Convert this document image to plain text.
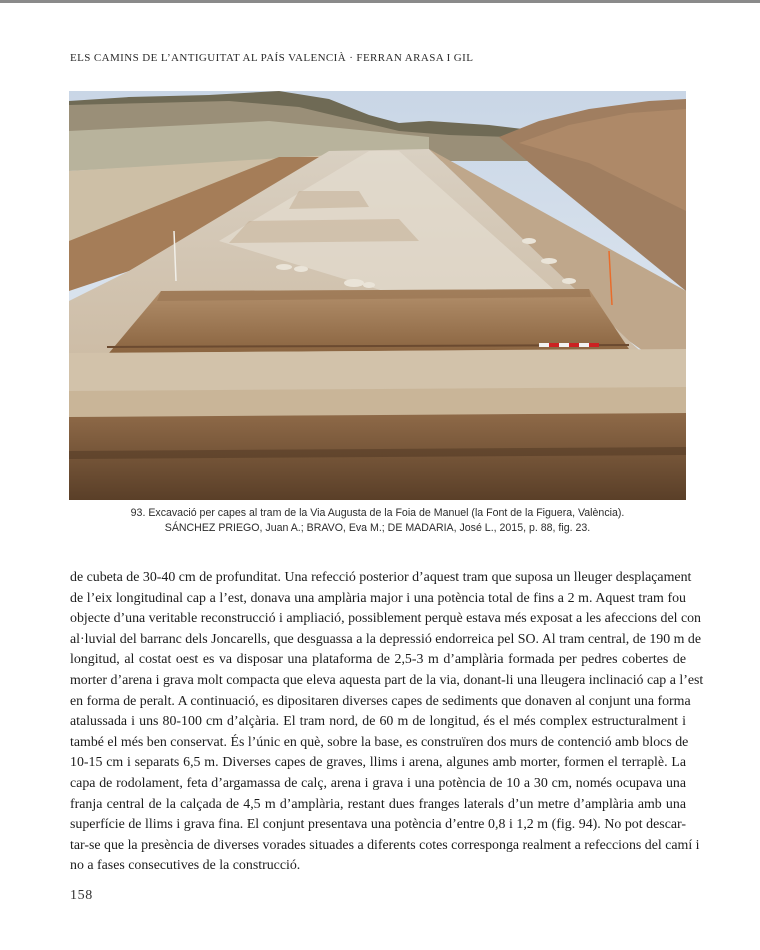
ELS CAMINS DE L’ANTIGUITAT AL PAÍS VALENCIÀ · FERRAN ARASA I GIL
93. Excavació per capes al tram de la Via Augusta de la Foia de Manuel (la Font de la Figuera, València).
SÁNCHEZ PRIEGO, Juan A.; BRAVO, Eva M.; DE MADARIA, José L., 2015, p. 88, fig. 23.
de cubeta de 30-40 cm de profunditat. Una refecció posterior d’aquest tram que suposa un lleuger desplaçament
de l’eix longitudinal cap a l’est, donava una amplària major i una potència total de fins a 2 m. Aquest tram fou
objecte d’una veritable reconstrucció i ampliació, possiblement perquè estava més exposat a les afeccions del con
al·luvial del barranc dels Joncarells, que desguassa a la depressió endorreica pel SO. Al tram central, de 190 m de
longitud, al costat oest es va disposar una plataforma de 2,5-3 m d’amplària formada per pedres cobertes de
morter d’arena i grava molt compacta que eleva aquesta part de la via, donant-li una lleugera inclinació cap a l’est
en forma de peralt. A continuació, es dipositaren diverses capes de sediments que donaven al conjunt una forma
atalussada i uns 80-100 cm d’alçària. El tram nord, de 60 m de longitud, és el més complex estructuralment i
també el més ben conservat. És l’únic en què, sobre la base, es construïren dos murs de contenció amb blocs de
10-15 cm i separats 6,5 m. Diverses capes de graves, llims i arena, algunes amb morter, formen el terraplè. La
capa de rodolament, feta d’argamassa de calç, arena i grava i una potència de 10 a 30 cm, només ocupava una
franja central de la calçada de 4,5 m d’amplària, restant dues franges laterals d’un metre d’amplària amb una
superfície de llims i grava fina. El conjunt presentava una potència d’entre 0,8 i 1,2 m (fig. 94). No pot descar-
tar-se que la presència de diverses vorades situades a diferents cotes corresponga realment a refeccions del camí i
no a fases consecutives de la construcció.
158
